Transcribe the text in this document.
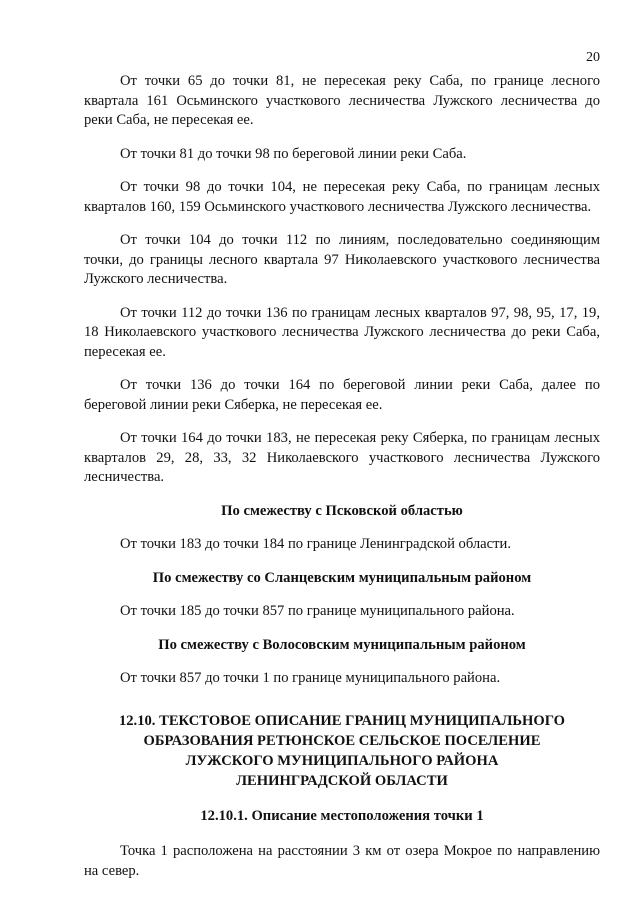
20

От точки 65 до точки 81, не пересекая реку Саба, по границе лесного квартала 161 Осьминского участкового лесничества Лужского лесничества до реки Саба, не пересекая ее.

От точки 81 до точки 98 по береговой линии реки Саба.

От точки 98 до точки 104, не пересекая реку Саба, по границам лесных кварталов 160, 159 Осьминского участкового лесничества Лужского лесничества.

От точки 104 до точки 112 по линиям, последовательно соединяющим точки, до границы лесного квартала 97 Николаевского участкового лесничества Лужского лесничества.

От точки 112 до точки 136 по границам лесных кварталов 97, 98, 95, 17, 19, 18 Николаевского участкового лесничества Лужского лесничества до реки Саба, пересекая ее.

От точки 136 до точки 164 по береговой линии реки Саба, далее по береговой линии реки Сяберка, не пересекая ее.

От точки 164 до точки 183, не пересекая реку Сяберка, по границам лесных кварталов 29, 28, 33, 32 Николаевского участкового лесничества Лужского лесничества.

По смежеству с Псковской областью

От точки 183 до точки 184 по границе Ленинградской области.

По смежеству со Сланцевским муниципальным районом

От точки 185 до точки 857 по границе муниципального района.

По смежеству с Волосовским муниципальным районом

От точки 857 до точки 1 по границе муниципального района.

12.10. ТЕКСТОВОЕ ОПИСАНИЕ ГРАНИЦ МУНИЦИПАЛЬНОГО
ОБРАЗОВАНИЯ РЕТЮНСКОЕ СЕЛЬСКОЕ ПОСЕЛЕНИЕ
ЛУЖСКОГО МУНИЦИПАЛЬНОГО РАЙОНА
ЛЕНИНГРАДСКОЙ ОБЛАСТИ
12.10.1. Описание местоположения точки 1

Точка 1 расположена на расстоянии 3 км от озера Мокрое по направлению на север.
